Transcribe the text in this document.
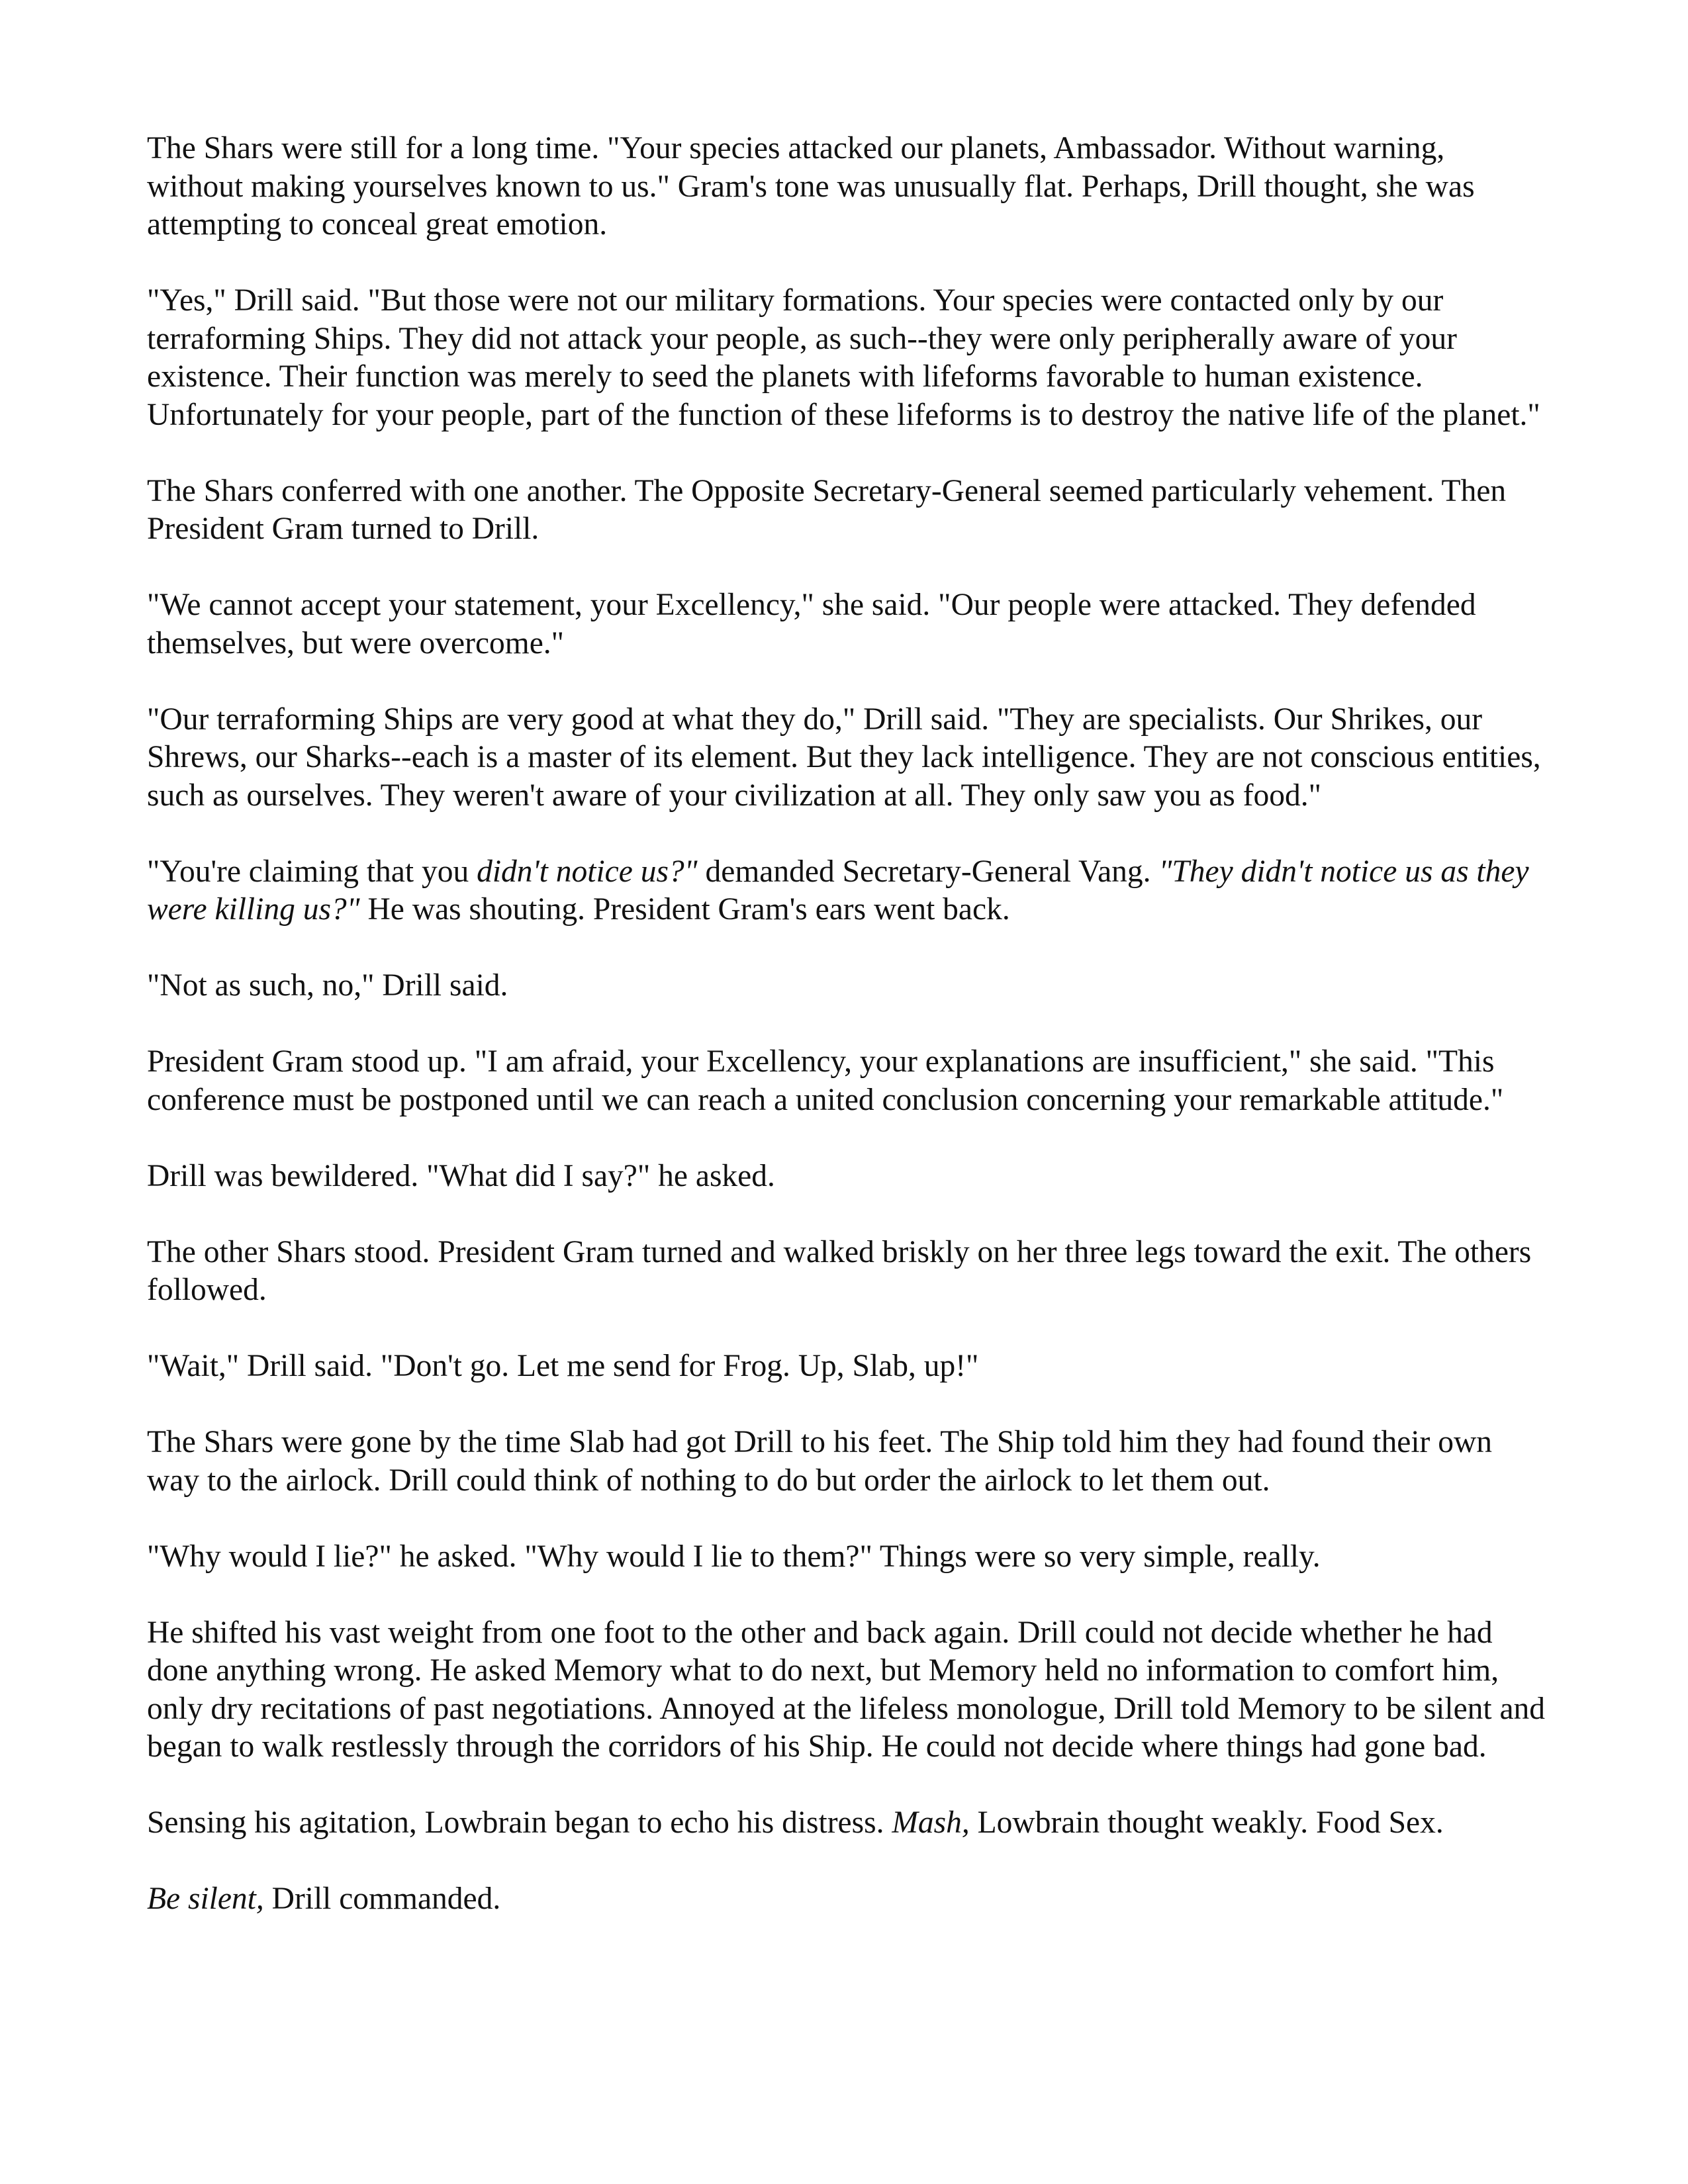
The Shars were still for a long time. "Your species attacked our planets, Ambassador. Without warning, without making yourselves known to us." Gram's tone was unusually flat. Perhaps, Drill thought, she was attempting to conceal great emotion.

"Yes," Drill said. "But those were not our military formations. Your species were contacted only by our terraforming Ships. They did not attack your people, as such--they were only peripherally aware of your existence. Their function was merely to seed the planets with lifeforms favorable to human existence. Unfortunately for your people, part of the function of these lifeforms is to destroy the native life of the planet."

The Shars conferred with one another. The Opposite Secretary-General seemed particularly vehement. Then President Gram turned to Drill.

"We cannot accept your statement, your Excellency," she said. "Our people were attacked. They defended themselves, but were overcome."

"Our terraforming Ships are very good at what they do," Drill said. "They are specialists. Our Shrikes, our Shrews, our Sharks--each is a master of its element. But they lack intelligence. They are not conscious entities, such as ourselves. They weren't aware of your civilization at all. They only saw you as food."

"You're claiming that you didn't notice us?" demanded Secretary-General Vang. "They didn't notice us as they were killing us?" He was shouting. President Gram's ears went back.

"Not as such, no," Drill said.

President Gram stood up. "I am afraid, your Excellency, your explanations are insufficient," she said. "This conference must be postponed until we can reach a united conclusion concerning your remarkable attitude."

Drill was bewildered. "What did I say?" he asked.

The other Shars stood. President Gram turned and walked briskly on her three legs toward the exit. The others followed.

"Wait," Drill said. "Don't go. Let me send for Frog. Up, Slab, up!"

The Shars were gone by the time Slab had got Drill to his feet. The Ship told him they had found their own way to the airlock. Drill could think of nothing to do but order the airlock to let them out.

"Why would I lie?" he asked. "Why would I lie to them?" Things were so very simple, really.

He shifted his vast weight from one foot to the other and back again. Drill could not decide whether he had done anything wrong. He asked Memory what to do next, but Memory held no information to comfort him, only dry recitations of past negotiations. Annoyed at the lifeless monologue, Drill told Memory to be silent and began to walk restlessly through the corridors of his Ship. He could not decide where things had gone bad.

Sensing his agitation, Lowbrain began to echo his distress. Mash, Lowbrain thought weakly. Food Sex.

Be silent, Drill commanded.
